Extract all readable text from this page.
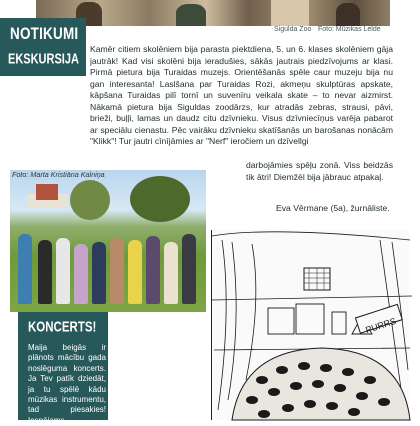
Sigulda Zoo Foto: Mūzikas Lelde
NOTIKUMI
EKSKURSIJA
Kamēr citiem skolēniem bija parasta piektdiena, 5. un 6. klases skolēniem gāja jautrāk! Kad visi skolēni bija ieradušies, sākās jautrais piedzīvojums ar klasi. Pirmā pietura bija Turaidas muzejs. Orientēšanās spēle caur muzeju bija nu gan interesanta! Laslšana par Turaidas Rozi, akmeņu skulptūras apskate, kāpšana Turaidas pilī tornī un suvenīru veikala skate – to nevar aizmirst. Nākamā pietura bija Siguldas zoodārzs, kur atradās zebras, strausi, pāvi, brieži, buļļi, lamas un daudz citu dzīvnieku. Visus dzīvniecīņus varēja pabarot ar speciālu cienastu. Pēc vairāku dzīvnieku skatīšanās un barošanas nonācām "Klikk"! Tur jautri cīnījāmies ar "Nerf" ieročiem un dzīvellgi
darbojāmies spēļu zonā. Viss beidzās tik ātri! Diemžēl bija jābrauc atpakaļ.
Eva Vērmane (5a), žurnāliste.
Foto: Marta Kristiāna Kalniņa
KONCERTS!
Maija beigās ir plānots mācību gada noslēguma koncerts. Ja Tev patīk dziedāt, ja tu spēlē kādu mūzikas instrumentu, tad piesakies! Iespējams
PURRS
